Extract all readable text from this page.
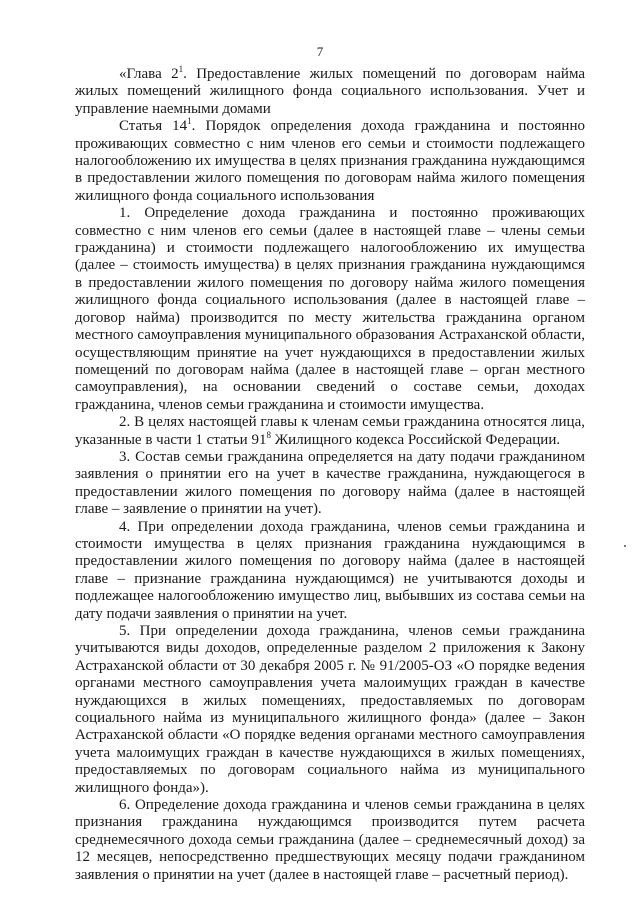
7

«Глава $2^1$. Предоставление жилых помещений по договорам найма жилых помещений жилищного фонда социального использования. Учет и управление наемными домами

Статья $14^1$. Порядок определения дохода гражданина и постоянно проживающих совместно с ним членов его семьи и стоимости подлежащего налогообложению их имущества в целях признания гражданина нуждающимся в предоставлении жилого помещения по договорам найма жилого помещения жилищного фонда социального использования

1. Определение дохода гражданина и постоянно проживающих совместно с ним членов его семьи (далее в настоящей главе – члены семьи гражданина) и стоимости подлежащего налогообложению их имущества (далее – стоимость имущества) в целях признания гражданина нуждающимся в предоставлении жилого помещения по договору найма жилого помещения жилищного фонда социального использования (далее в настоящей главе – договор найма) производится по месту жительства гражданина органом местного самоуправления муниципального образования Астраханской области, осуществляющим принятие на учет нуждающихся в предоставлении жилых помещений по договорам найма (далее в настоящей главе – орган местного самоуправления), на основании сведений о составе семьи, доходах гражданина, членов семьи гражданина и стоимости имущества.

2. В целях настоящей главы к членам семьи гражданина относятся лица, указанные в части 1 статьи $91^8$ Жилищного кодекса Российской Федерации.

3. Состав семьи гражданина определяется на дату подачи гражданином заявления о принятии его на учет в качестве гражданина, нуждающегося в предоставлении жилого помещения по договору найма (далее в настоящей главе – заявление о принятии на учет).

4. При определении дохода гражданина, членов семьи гражданина и стоимости имущества в целях признания гражданина нуждающимся в предоставлении жилого помещения по договору найма (далее в настоящей главе – признание гражданина нуждающимся) не учитываются доходы и подлежащее налогообложению имущество лиц, выбывших из состава семьи на дату подачи заявления о принятии на учет.

5. При определении дохода гражданина, членов семьи гражданина учитываются виды доходов, определенные разделом 2 приложения к Закону Астраханской области от 30 декабря 2005 г. № 91/2005-ОЗ «О порядке ведения органами местного самоуправления учета малоимущих граждан в качестве нуждающихся в жилых помещениях, предоставляемых по договорам социального найма из муниципального жилищного фонда» (далее – Закон Астраханской области «О порядке ведения органами местного самоуправления учета малоимущих граждан в качестве нуждающихся в жилых помещениях, предоставляемых по договорам социального найма из муниципального жилищного фонда»).

6. Определение дохода гражданина и членов семьи гражданина в целях признания гражданина нуждающимся производится путем расчета среднемесячного дохода семьи гражданина (далее – среднемесячный доход) за 12 месяцев, непосредственно предшествующих месяцу подачи гражданином заявления о принятии на учет (далее в настоящей главе – расчетный период).
